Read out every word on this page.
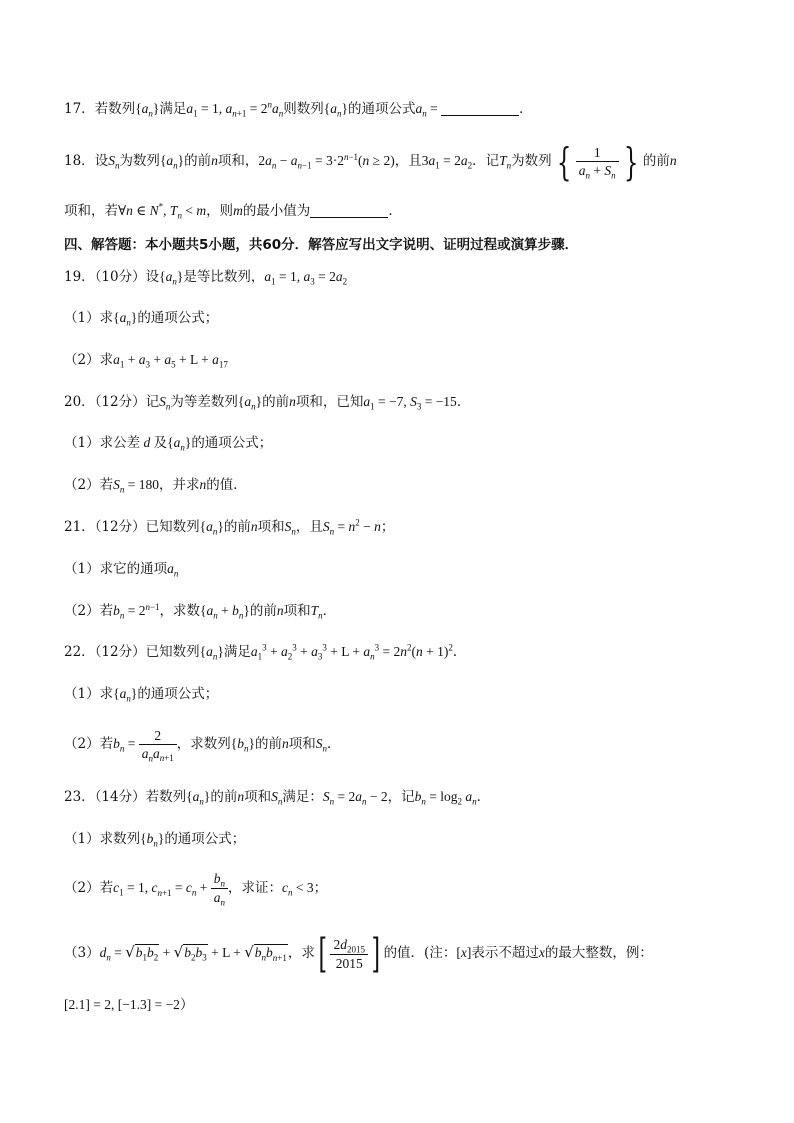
17．若数列$\{a_n\}$满足$a_1 = 1$, $a_{n+1} = 2^na_n$则数列$\{a_n\}$的通项公式$a_n$ =	．
18．设$S_n$为数列$\{a_n\}$的前n项和，$2a_n - a_{n-1} = 3\cdot 2^{n-1}(n \ge 2)$，且$3a_1 = 2a_2$．记$T_n$为数列 { $\frac{1}{a_n + S_n}$ } 的前n
项和，若∀n ∈ N*, $T_n < m$，则m的最小值为	．
四、解答题：本小题共5小题，共60分．解答应写出文字说明、证明过程或演算步骤．
19．（10分）设$\{a_n\}$是等比数列，$a_1 = 1$, $a_3 = 2a_2$
（1）求$\{a_n\}$的通项公式；
（2）求$a_1 + a_3 + a_5 + L + a_{17}$
20．（12分）记$S_n$为等差数列$\{a_n\}$的前n项和，已知$a_1 = -7$, $S_3 = -15$．
（1）求公差 d 及$\{a_n\}$的通项公式；
（2）若$S_n = 180$，并求n的值．
21．（12分）已知数列$\{a_n\}$的前n项和$S_n$，且$S_n = n^2 - n$；
（1）求它的通项$a_n$
（2）若$b_n = 2^{n-1}$，求数$\{a_n + b_n\}$的前n项和$T_n$．
22．（12分）已知数列$\{a_n\}$满足$a_1^3 + a_2^3 + a_3^3 + L + a_n^3 = 2n^2(n + 1)^2$．
（1）求$\{a_n\}$的通项公式；
（2）若$b_n = \frac{2}{a_na_{n+1}}$ ，求数列$\{b_n\}$的前n项和$S_n$．
23．（14分）若数列$\{a_n\}$的前n项和$S_n$满足：$S_n = 2a_n - 2$，记$b_n = \log_2 a_n$．
（1）求数列$\{b_n\}$的通项公式；
（2）若$c_1 = 1$, $c_{n+1} = c_n + \frac{b_n}{a_n}$ ，求证：$c_n < 3$；
$(3)d_n = √b_1b_2 + √b_2b_3 + L + √b_nb_{n+1}$，求[ $\frac{2d_{2015}}{2015}$ ] 的值．(注：[x]表示不超过x的最大整数，例：
[2.1] = 2, [−1.3] = −2）
